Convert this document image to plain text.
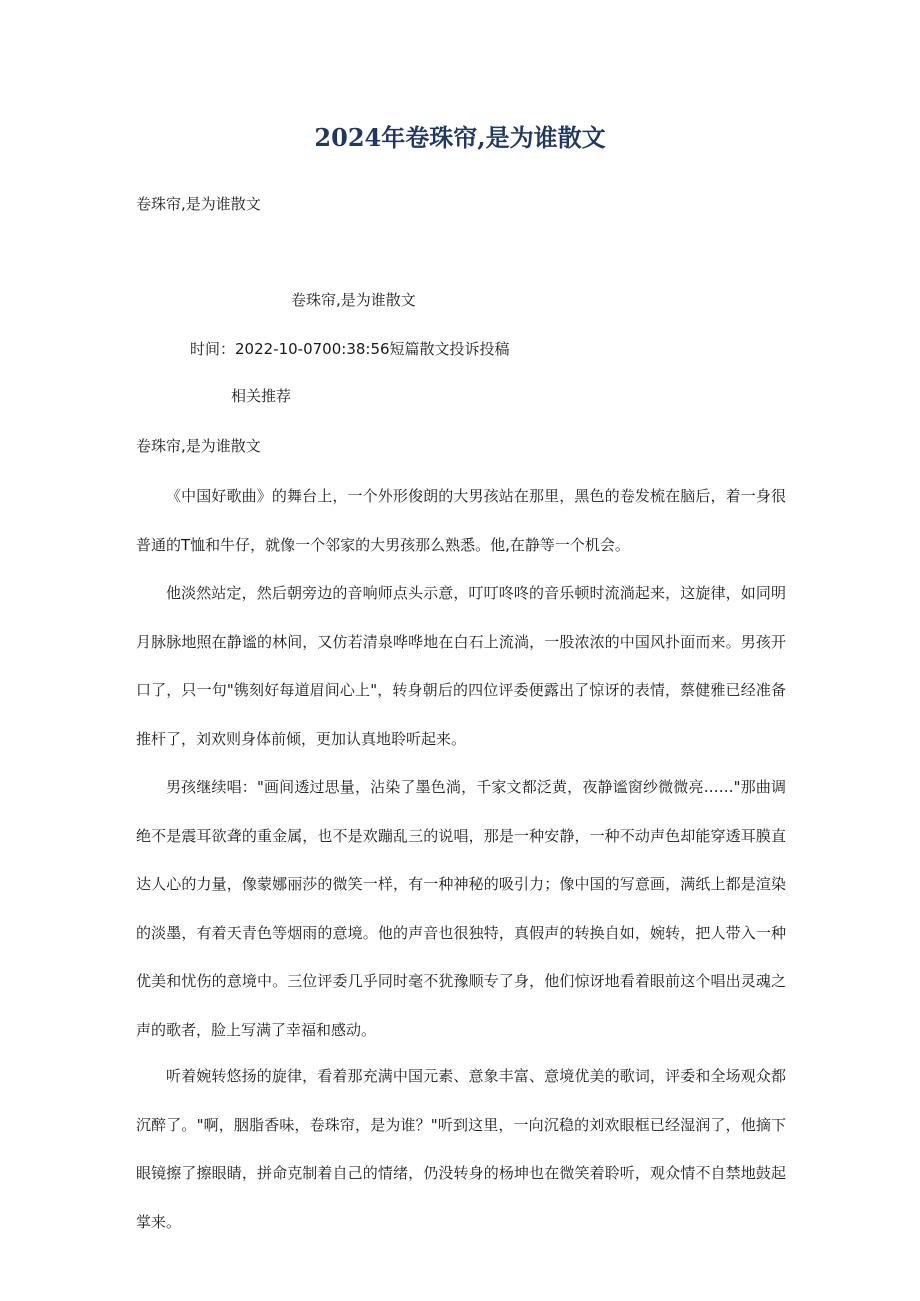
2024年卷珠帘,是为谁散文
卷珠帘,是为谁散文
卷珠帘,是为谁散文
时间：2022-10-0700:38:56短篇散文投诉投稿
相关推荐
卷珠帘,是为谁散文

《中国好歌曲》的舞台上，一个外形俊朗的大男孩站在那里，黑色的卷发梳在脑后，着一身很普通的T恤和牛仔，就像一个邻家的大男孩那么熟悉。他,在静等一个机会。

他淡然站定，然后朝旁边的音响师点头示意，叮叮咚咚的音乐顿时流淌起来，这旋律，如同明月脉脉地照在静谧的林间，又仿若清泉哗哗地在白石上流淌，一股浓浓的中国风扑面而来。男孩开口了，只一句"镌刻好每道眉间心上"，转身朝后的四位评委便露出了惊讶的表情，蔡健雅已经准备推杆了，刘欢则身体前倾，更加认真地聆听起来。

男孩继续唱："画间透过思量，沾染了墨色淌，千家文都泛黄，夜静谧窗纱微微亮……"那曲调绝不是震耳欲聋的重金属，也不是欢蹦乱三的说唱，那是一种安静，一种不动声色却能穿透耳膜直达人心的力量，像蒙娜丽莎的微笑一样，有一种神秘的吸引力；像中国的写意画，满纸上都是渲染的淡墨，有着天青色等烟雨的意境。他的声音也很独特，真假声的转换自如，婉转，把人带入一种优美和忧伤的意境中。三位评委几乎同时毫不犹豫顺专了身，他们惊讶地看着眼前这个唱出灵魂之声的歌者，脸上写满了幸福和感动。

听着婉转悠扬的旋律，看着那充满中国元素、意象丰富、意境优美的歌词，评委和全场观众都沉醉了。"啊，胭脂香味，卷珠帘，是为谁？"听到这里，一向沉稳的刘欢眼框已经湿润了，他摘下眼镜擦了擦眼睛，拼命克制着自己的情绪，仍没转身的杨坤也在微笑着聆听，观众情不自禁地鼓起掌来。
